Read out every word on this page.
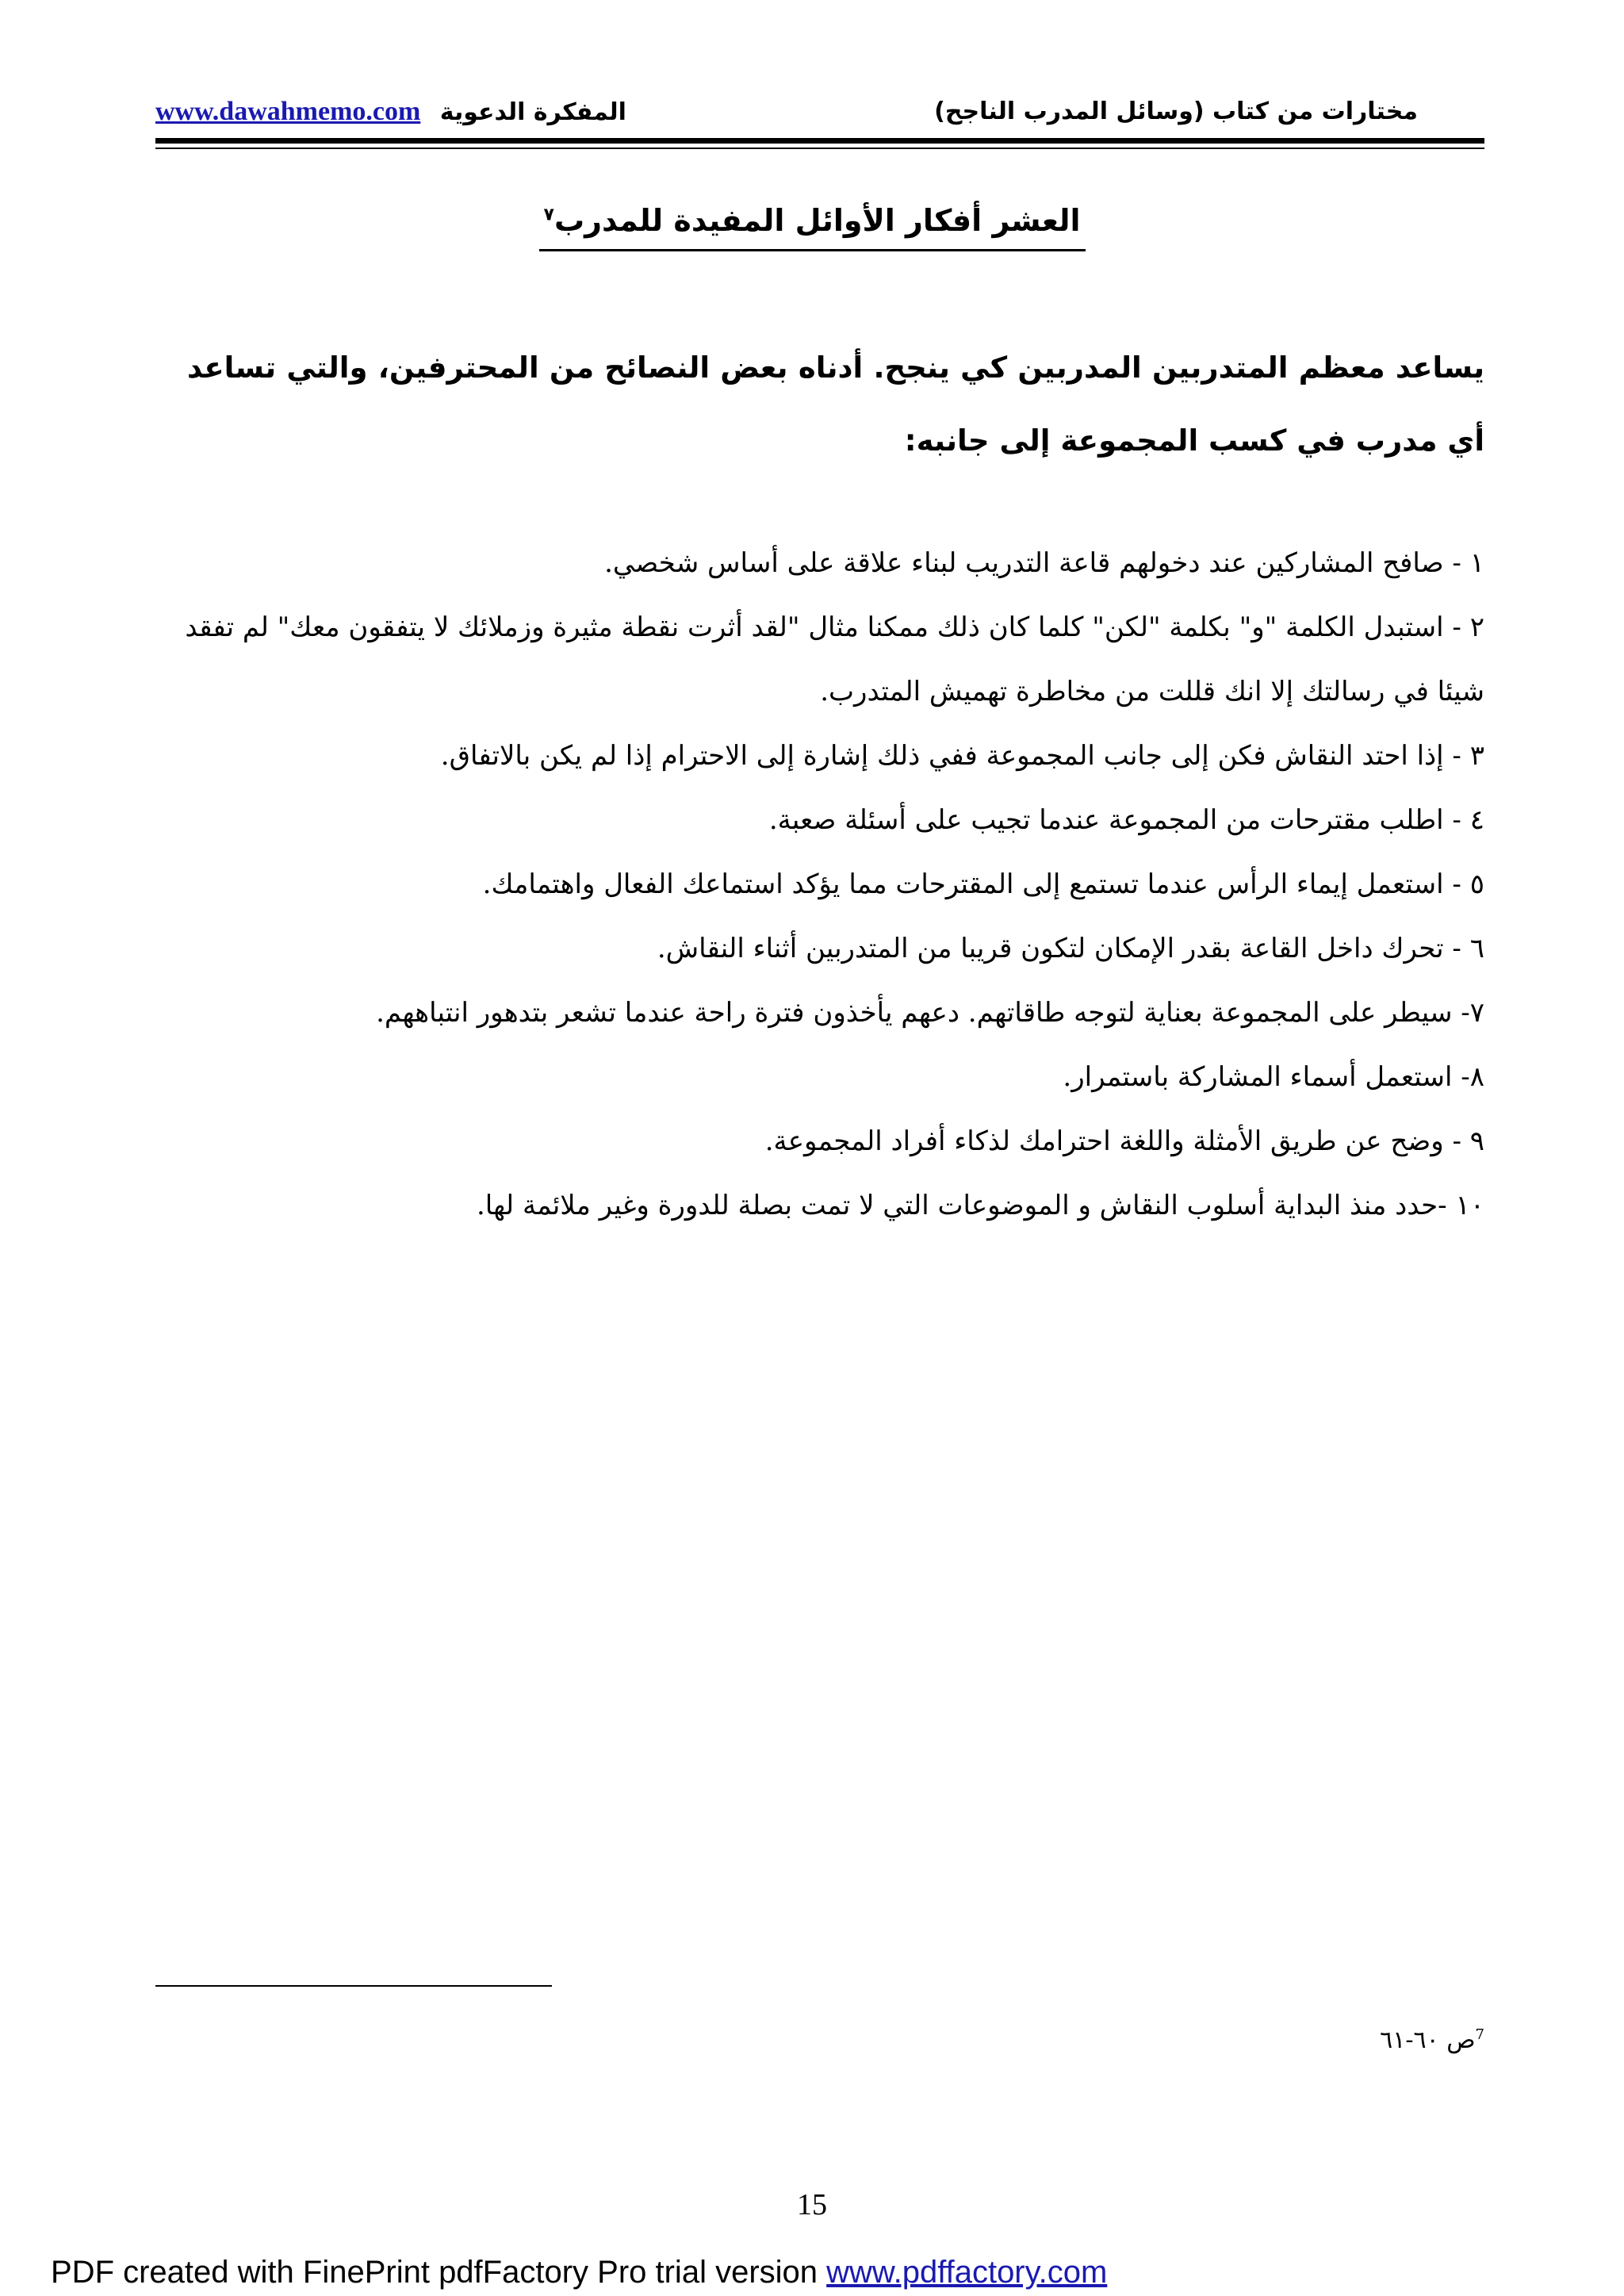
www.dawahmemo.com المفكرة الدعوية	مختارات من كتاب (وسائل المدرب الناجح)
العشر أفكار الأوائل المفيدة للمدرب$^٧$

يساعد معظم المتدربين المدربين كي ينجح. أدناه بعض النصائح من المحترفين، والتي تساعد أي مدرب في كسب المجموعة إلى جانبه:

١ - صافح المشاركين عند دخولهم قاعة التدريب لبناء علاقة على أساس شخصي.
٢ - استبدل الكلمة "و" بكلمة "لكن" كلما كان ذلك ممكنا مثال "لقد أثرت نقطة مثيرة وزملائك لا يتفقون معك" لم تفقد شيئا في رسالتك إلا انك قللت من مخاطرة تهميش المتدرب.
٣ - إذا احتد النقاش فكن إلى جانب المجموعة ففي ذلك إشارة إلى الاحترام إذا لم يكن بالاتفاق.
٤ - اطلب مقترحات من المجموعة عندما تجيب على أسئلة صعبة.
٥ - استعمل إيماء الرأس عندما تستمع إلى المقترحات مما يؤكد استماعك الفعال واهتمامك.
٦ - تحرك داخل القاعة بقدر الإمكان لتكون قريبا من المتدربين أثناء النقاش.
٧- سيطر على المجموعة بعناية لتوجه طاقاتهم. دعهم يأخذون فترة راحة عندما تشعر بتدهور انتباههم.
٨- استعمل أسماء المشاركة باستمرار.
٩ - وضح عن طريق الأمثلة واللغة احترامك لذكاء أفراد المجموعة.
١٠ -حدد منذ البداية أسلوب النقاش و الموضوعات التي لا تمت بصلة للدورة وغير ملائمة لها.
$^7$ص ٦٠-٦١
15
PDF created with FinePrint pdfFactory Pro trial version www.pdffactory.com
